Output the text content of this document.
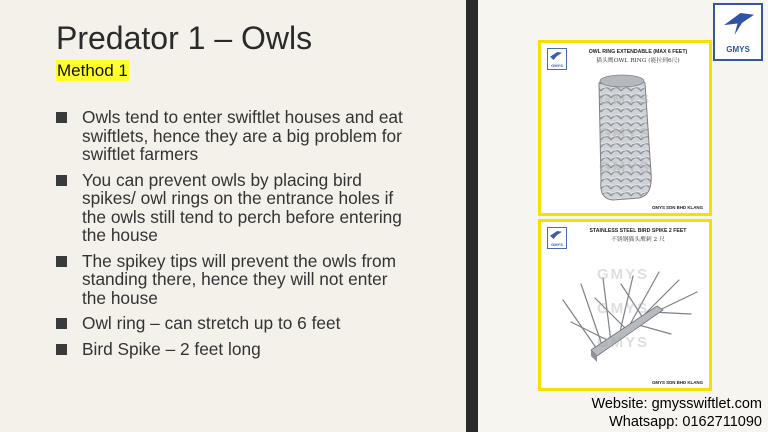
Predator 1 – Owls
Method 1
Owls tend to enter swiftlet houses and eat swiftlets, hence they are a big problem for swiftlet farmers
You can prevent owls by placing bird spikes/ owl rings on the entrance holes if the owls still tend to perch before entering the house
The spikey tips will prevent the owls from standing there, hence they will not enter the house
Owl ring – can stretch up to 6 feet
Bird Spike – 2 feet long
GMYS
OWL RING EXTENDABLE (MAX 6 FEET)
猫头鹰OWL RING (能拉到6尺)
GMYS
GMYS
GMYS
GMYS SDN BHD KLANG
GMYS
STAINLESS STEEL BIRD SPIKE 2 FEET
不锈钢猫头鹰刺 2 尺
GMYS
GMYS
GMYS
GMYS SDN BHD KLANG
GMYS
Website: gmysswiftlet.com
Whatsapp: 0162711090
